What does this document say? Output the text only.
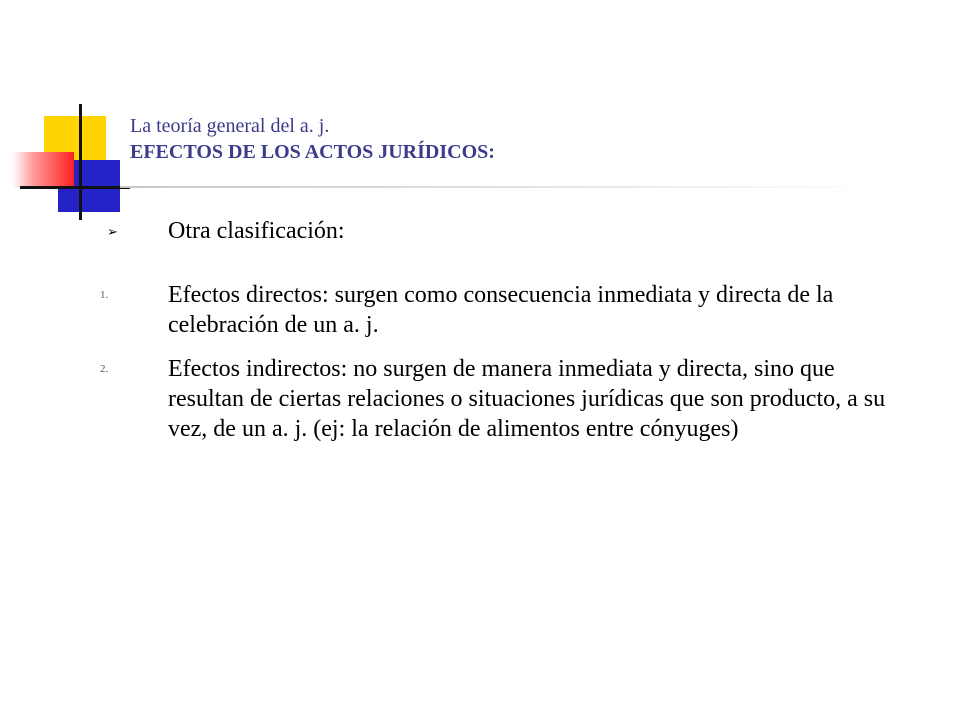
La teoría general del a. j.
EFECTOS DE LOS ACTOS JURÍDICOS:
➢ Otra clasificación:
1. Efectos directos: surgen como consecuencia inmediata y directa de la celebración de un a. j.
2. Efectos indirectos: no surgen de manera inmediata y directa, sino que resultan de ciertas relaciones o situaciones jurídicas que son producto, a su vez, de un a. j. (ej: la relación de alimentos entre cónyuges)
